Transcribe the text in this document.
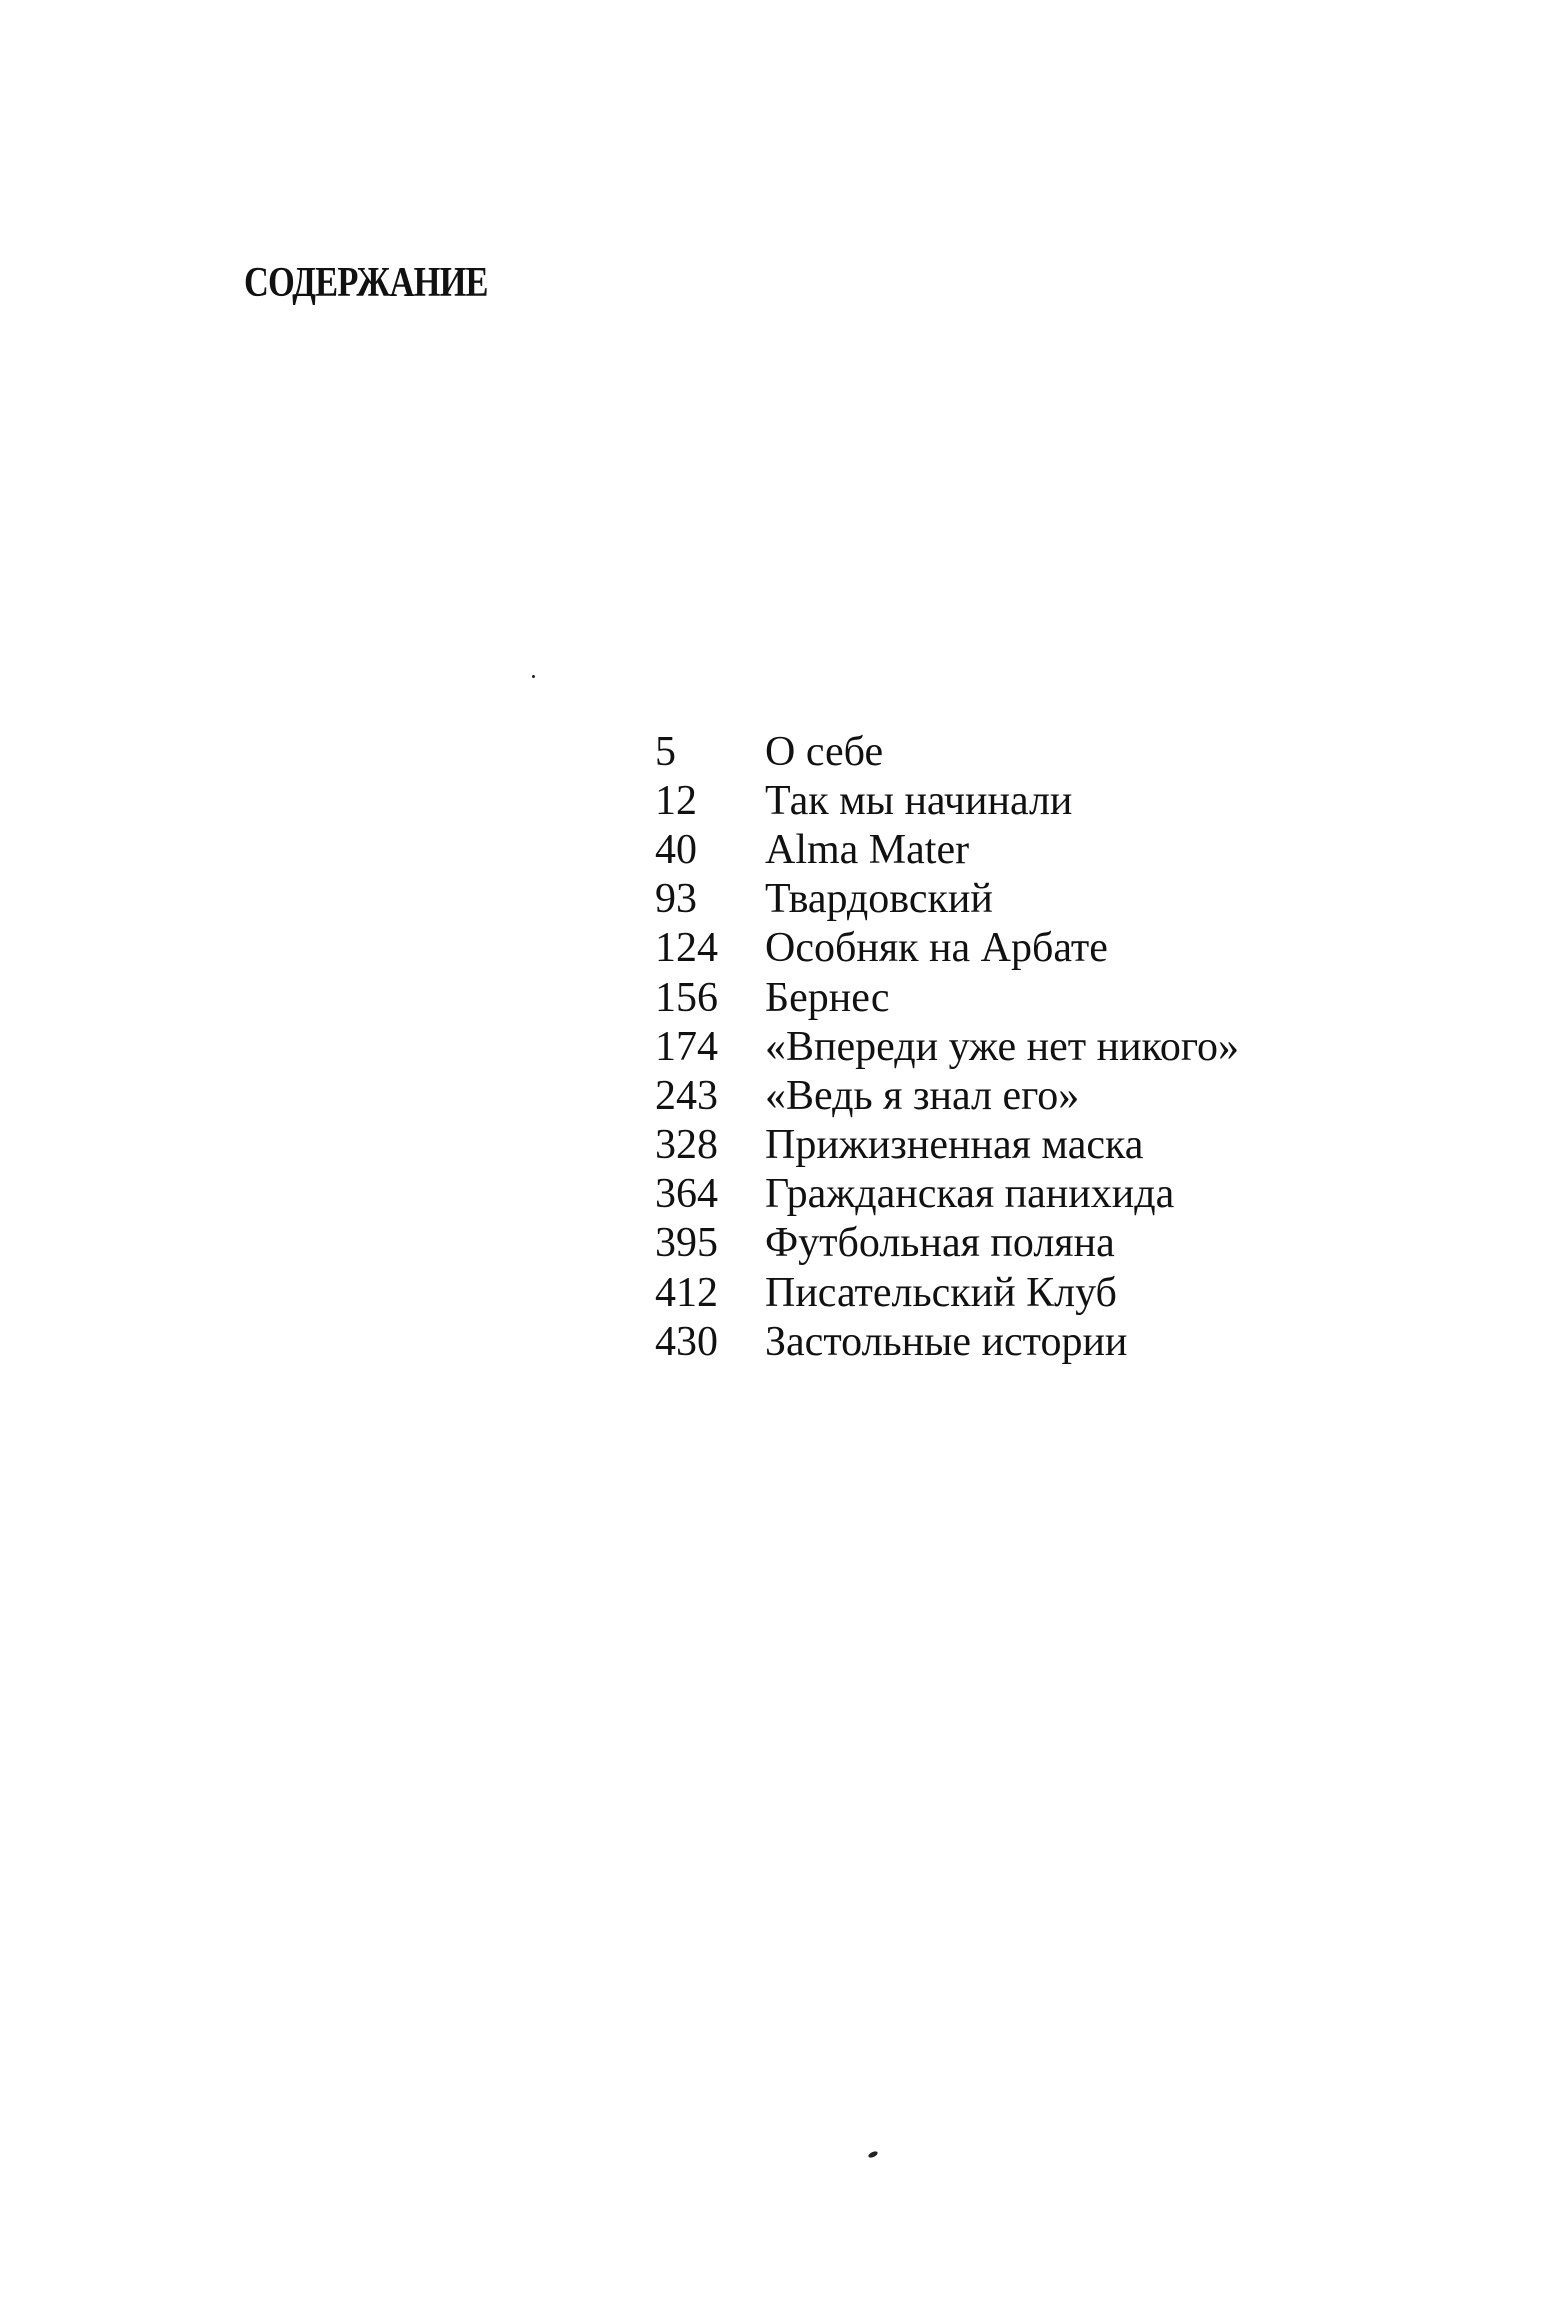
СОДЕРЖАНИЕ
5	О себе
12	Так мы начинали
40	Alma Mater
93	Твардовский
124	Особняк на Арбате
156	Бернес
174	«Впереди уже нет никого»
243	«Ведь я знал его»
328	Прижизненная маска
364	Гражданская панихида
395	Футбольная поляна
412	Писательский Клуб
430	Застольные истории
